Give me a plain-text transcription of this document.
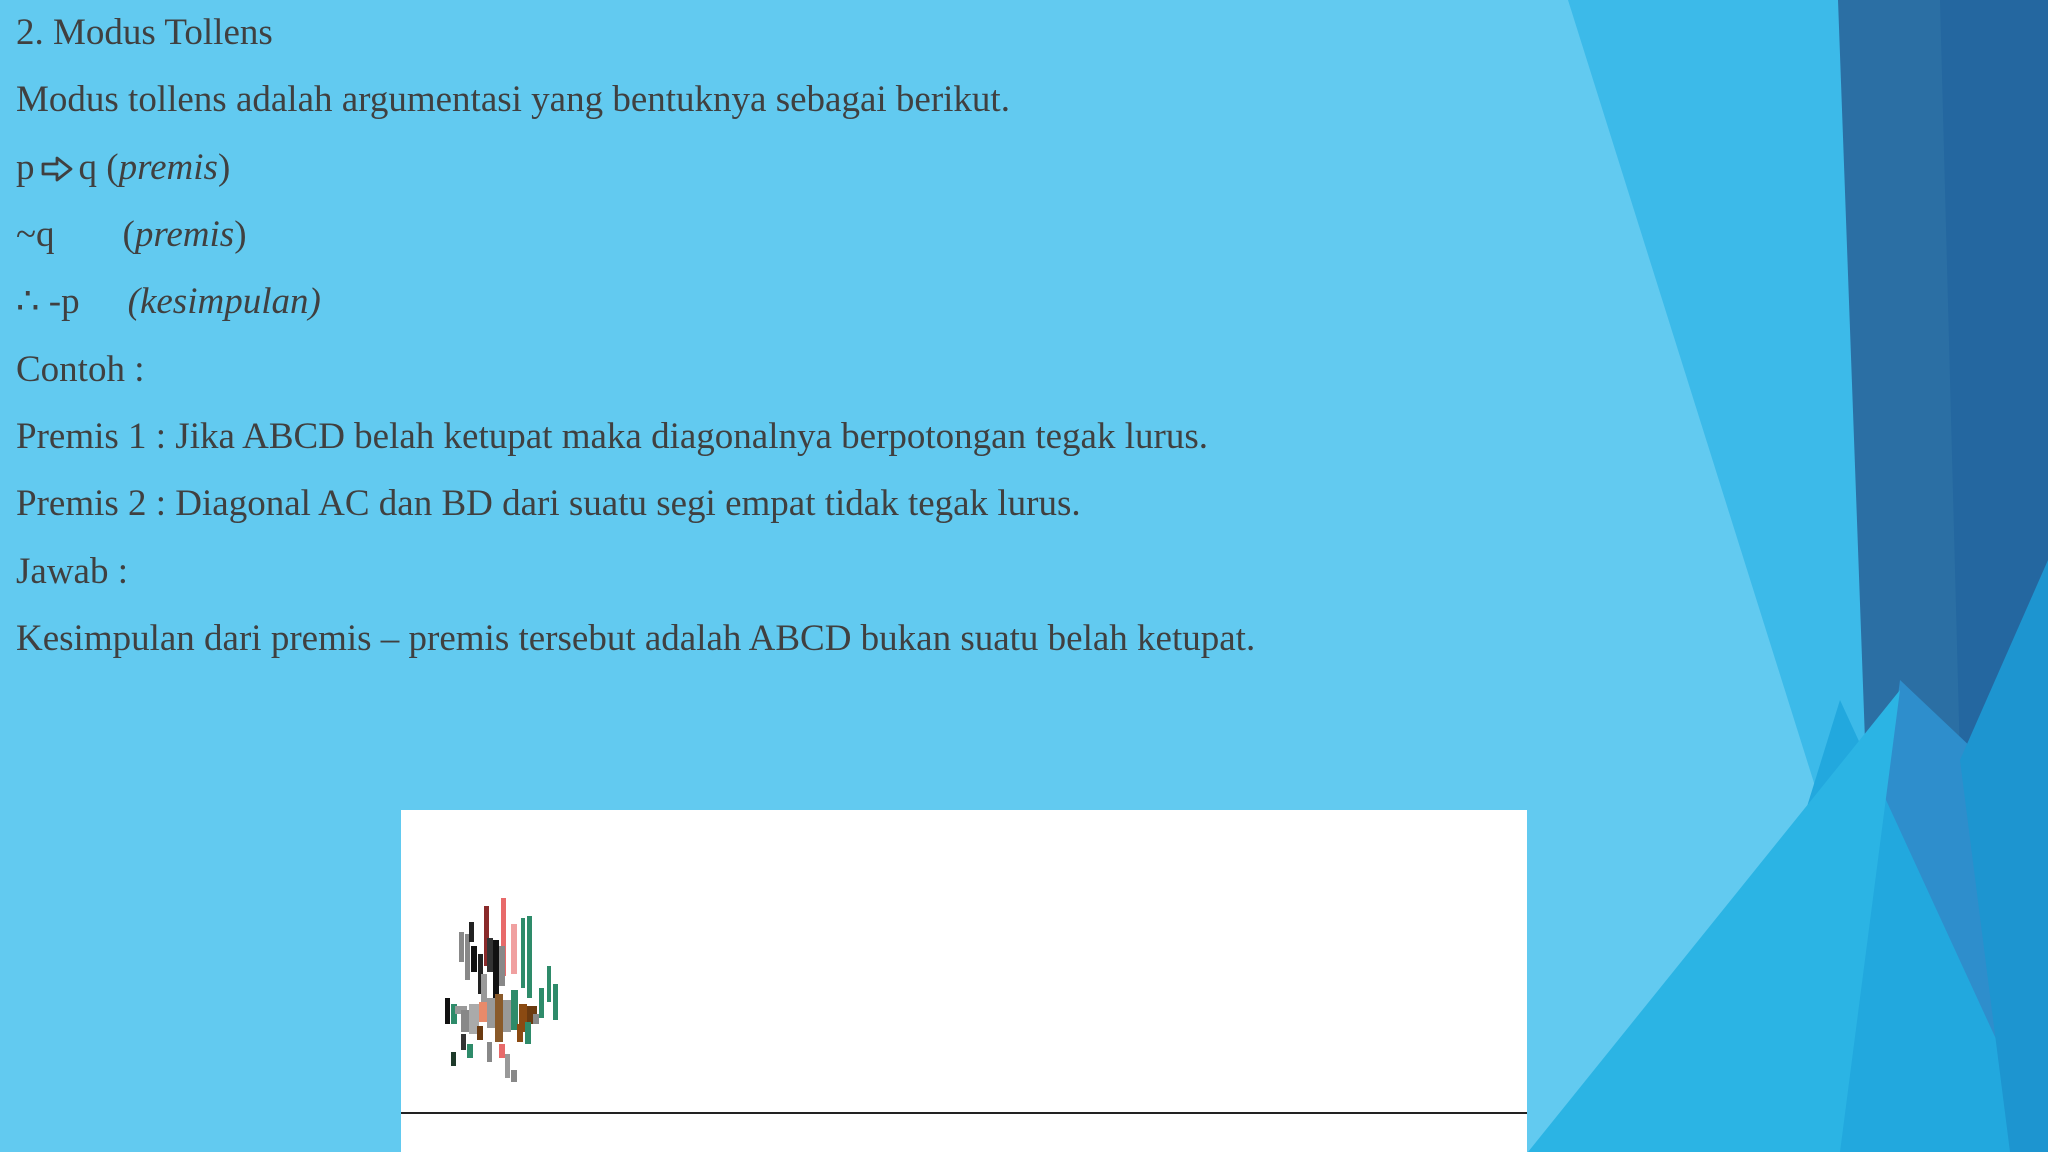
2. Modus Tollens
Modus tollens adalah argumentasi yang bentuknya sebagai berikut.
p q (premis)
~q (premis)
∴ -p (kesimpulan)
Contoh :
Premis 1 : Jika ABCD belah ketupat maka diagonalnya berpotongan tegak lurus.
Premis 2 : Diagonal AC dan BD dari suatu segi empat tidak tegak lurus.
Jawab :
Kesimpulan dari premis – premis tersebut adalah ABCD bukan suatu belah ketupat.
